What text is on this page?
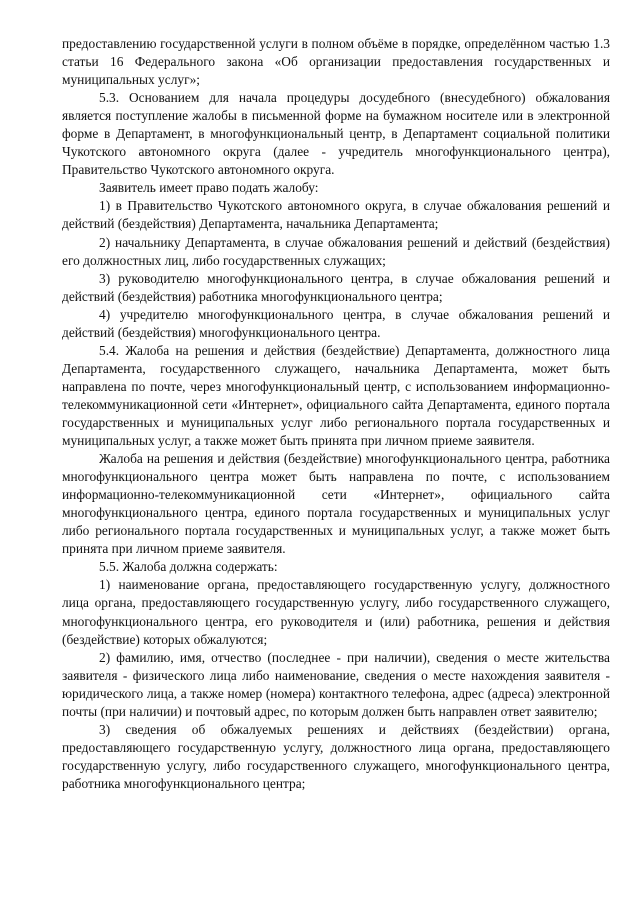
предоставлению государственной услуги в полном объёме в порядке, определённом частью 1.3 статьи 16 Федерального закона «Об организации предоставления государственных и муниципальных услуг»;

5.3. Основанием для начала процедуры досудебного (внесудебного) обжалования является поступление жалобы в письменной форме на бумажном носителе или в электронной форме в Департамент, в многофункциональный центр, в Департамент социальной политики Чукотского автономного округа (далее - учредитель многофункционального центра), Правительство Чукотского автономного округа.

Заявитель имеет право подать жалобу:

1) в Правительство Чукотского автономного округа, в случае обжалования решений и действий (бездействия) Департамента, начальника Департамента;

2) начальнику Департамента, в случае обжалования решений и действий (бездействия) его должностных лиц, либо государственных служащих;

3) руководителю многофункционального центра, в случае обжалования решений и действий (бездействия) работника многофункционального центра;

4) учредителю многофункционального центра, в случае обжалования решений и действий (бездействия) многофункционального центра.

5.4. Жалоба на решения и действия (бездействие) Департамента, должностного лица Департамента, государственного служащего, начальника Департамента, может быть направлена по почте, через многофункциональный центр, с использованием информационно-телекоммуникационной сети «Интернет», официального сайта Департамента, единого портала государственных и муниципальных услуг либо регионального портала государственных и муниципальных услуг, а также может быть принята при личном приеме заявителя.

Жалоба на решения и действия (бездействие) многофункционального центра, работника многофункционального центра может быть направлена по почте, с использованием информационно-телекоммуникационной сети «Интернет», официального сайта многофункционального центра, единого портала государственных и муниципальных услуг либо регионального портала государственных и муниципальных услуг, а также может быть принята при личном приеме заявителя.

5.5. Жалоба должна содержать:

1) наименование органа, предоставляющего государственную услугу, должностного лица органа, предоставляющего государственную услугу, либо государственного служащего, многофункционального центра, его руководителя и (или) работника, решения и действия (бездействие) которых обжалуются;

2) фамилию, имя, отчество (последнее - при наличии), сведения о месте жительства заявителя - физического лица либо наименование, сведения о месте нахождения заявителя - юридического лица, а также номер (номера) контактного телефона, адрес (адреса) электронной почты (при наличии) и почтовый адрес, по которым должен быть направлен ответ заявителю;

3) сведения об обжалуемых решениях и действиях (бездействии) органа, предоставляющего государственную услугу, должностного лица органа, предоставляющего государственную услугу, либо государственного служащего, многофункционального центра, работника многофункционального центра;
